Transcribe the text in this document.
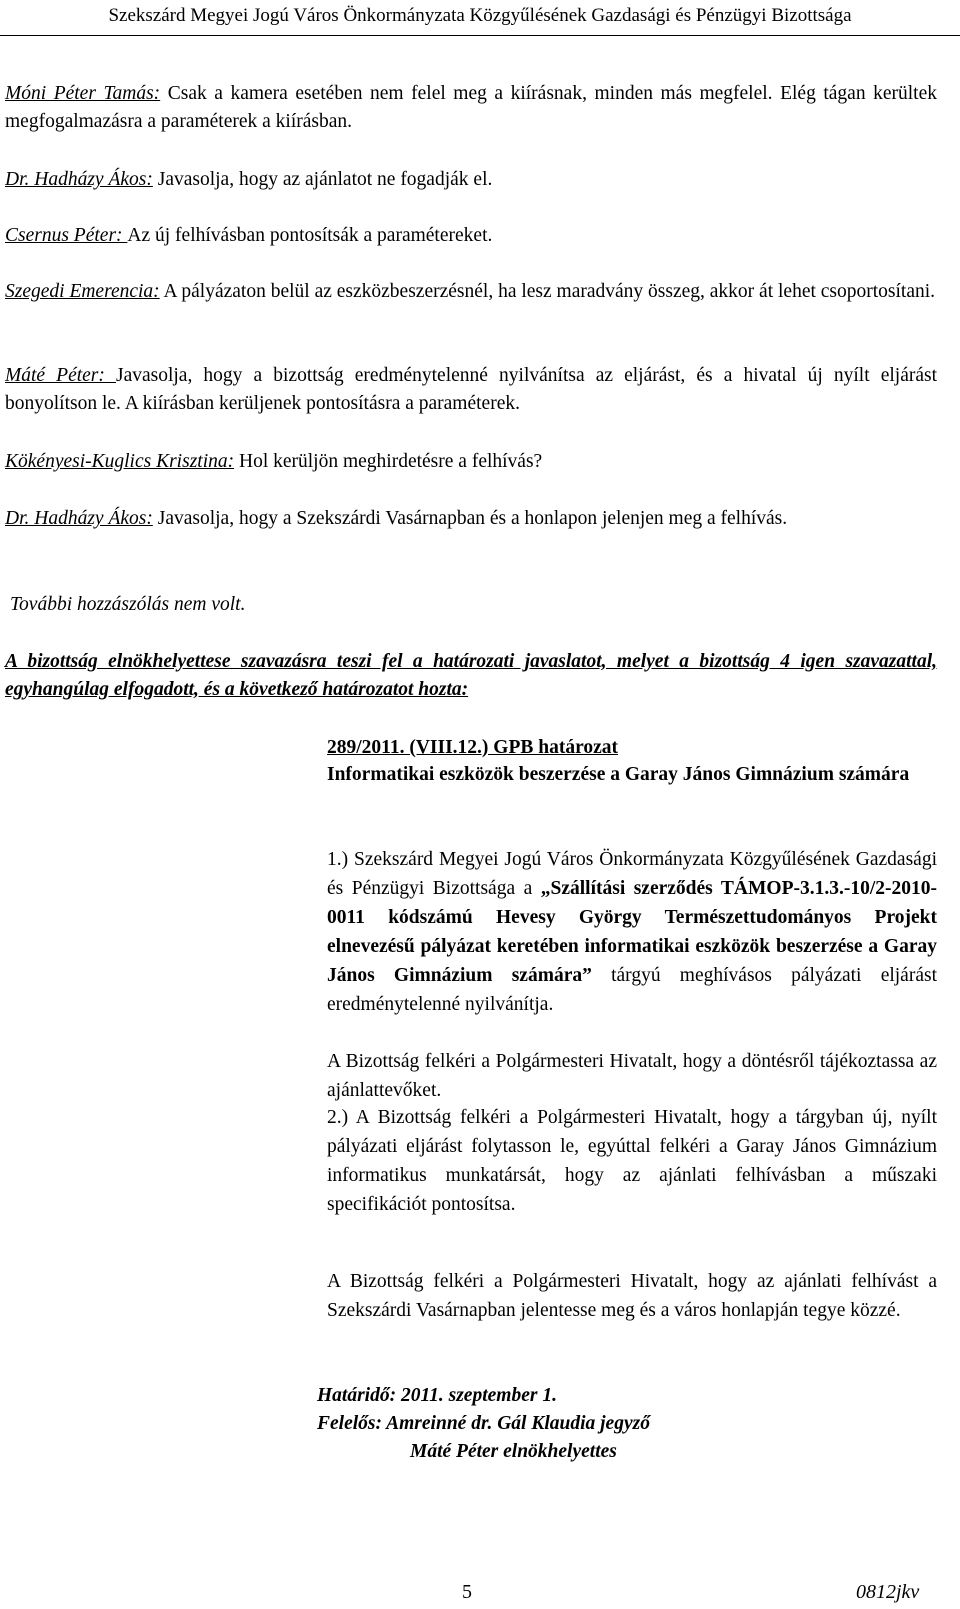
Szekszárd Megyei Jogú Város Önkormányzata Közgyűlésének Gazdasági és Pénzügyi Bizottsága
Móni Péter Tamás: Csak a kamera esetében nem felel meg a kiírásnak, minden más megfelel. Elég tágan kerültek megfogalmazásra a paraméterek a kiírásban.
Dr. Hadházy Ákos: Javasolja, hogy az ajánlatot ne fogadják el.
Csernus Péter: Az új felhívásban pontosítsák a paramétereket.
Szegedi Emerencia: A pályázaton belül az eszközbeszerzésnél, ha lesz maradvány összeg, akkor át lehet csoportosítani.
Máté Péter: Javasolja, hogy a bizottság eredménytelenné nyilvánítsa az eljárást, és a hivatal új nyílt eljárást bonyolítson le. A kiírásban kerüljenek pontosításra a paraméterek.
Kökényesi-Kuglics Krisztina: Hol kerüljön meghirdetésre a felhívás?
Dr. Hadházy Ákos: Javasolja, hogy a Szekszárdi Vasárnapban és a honlapon jelenjen meg a felhívás.
További hozzászólás nem volt.
A bizottság elnökhelyettese szavazásra teszi fel a határozati javaslatot, melyet a bizottság 4 igen szavazattal, egyhangúlag elfogadott, és a következő határozatot hozta:
289/2011. (VIII.12.) GPB határozat
Informatikai eszközök beszerzése a Garay János Gimnázium számára
1.) Szekszárd Megyei Jogú Város Önkormányzata Közgyűlésének Gazdasági és Pénzügyi Bizottsága a „Szállítási szerződés TÁMOP-3.1.3.-10/2-2010-0011 kódszámú Hevesy György Természettudományos Projekt elnevezésű pályázat keretében informatikai eszközök beszerzése a Garay János Gimnázium számára” tárgyú meghívásos pályázati eljárást eredménytelenné nyilvánítja.
A Bizottság felkéri a Polgármesteri Hivatalt, hogy a döntésről tájékoztassa az ajánlattevőket.
2.) A Bizottság felkéri a Polgármesteri Hivatalt, hogy a tárgyban új, nyílt pályázati eljárást folytasson le, egyúttal felkéri a Garay János Gimnázium informatikus munkatársát, hogy az ajánlati felhívásban a műszaki specifikációt pontosítsa.
A Bizottság felkéri a Polgármesteri Hivatalt, hogy az ajánlati felhívást a Szekszárdi Vasárnapban jelentesse meg és a város honlapján tegye közzé.
Határidő: 2011. szeptember 1.
Felelős: Amreinné dr. Gál Klaudia jegyző
Máté Péter elnökhelyettes
5	0812jkv
